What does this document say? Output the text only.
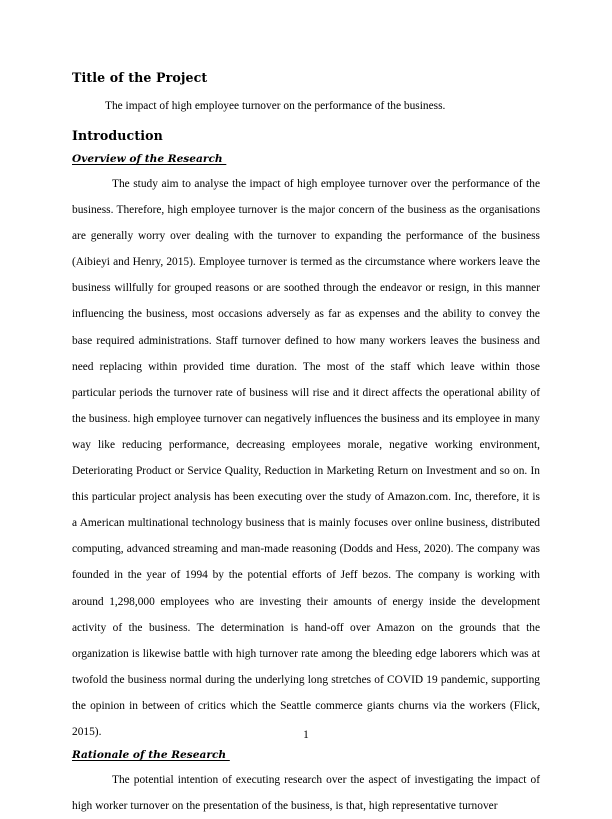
Title of the Project

The impact of high employee turnover on the performance of the business.

Introduction
Overview of the Research

The study aim to analyse the impact of high employee turnover over the performance of the business. Therefore, high employee turnover is the major concern of the business as the organisations are generally worry over dealing with the turnover to expanding the performance of the business (Aibieyi and Henry, 2015). Employee turnover is termed as the circumstance where workers leave the business willfully for grouped reasons or are soothed through the endeavor or resign, in this manner influencing the business, most occasions adversely as far as expenses and the ability to convey the base required administrations. Staff turnover defined to how many workers leaves the business and need replacing within provided time duration. The most of the staff which leave within those particular periods the turnover rate of business will rise and it direct affects the operational ability of the business. high employee turnover can negatively influences the business and its employee in many way like reducing performance, decreasing employees morale, negative working environment, Deteriorating Product or Service Quality, Reduction in Marketing Return on Investment and so on. In this particular project analysis has been executing over the study of Amazon.com. Inc, therefore, it is a American multinational technology business that is mainly focuses over online business, distributed computing, advanced streaming and man-made reasoning (Dodds and Hess, 2020). The company was founded in the year of 1994 by the potential efforts of Jeff bezos. The company is working with around 1,298,000 employees who are investing their amounts of energy inside the development activity of the business. The determination is hand-off over Amazon on the grounds that the organization is likewise battle with high turnover rate among the bleeding edge laborers which was at twofold the business normal during the underlying long stretches of COVID 19 pandemic, supporting the opinion in between of critics which the Seattle commerce giants churns via the workers (Flick, 2015).

Rationale of the Research

The potential intention of executing research over the aspect of investigating the impact of high worker turnover on the presentation of the business, is that, high representative turnover

1
